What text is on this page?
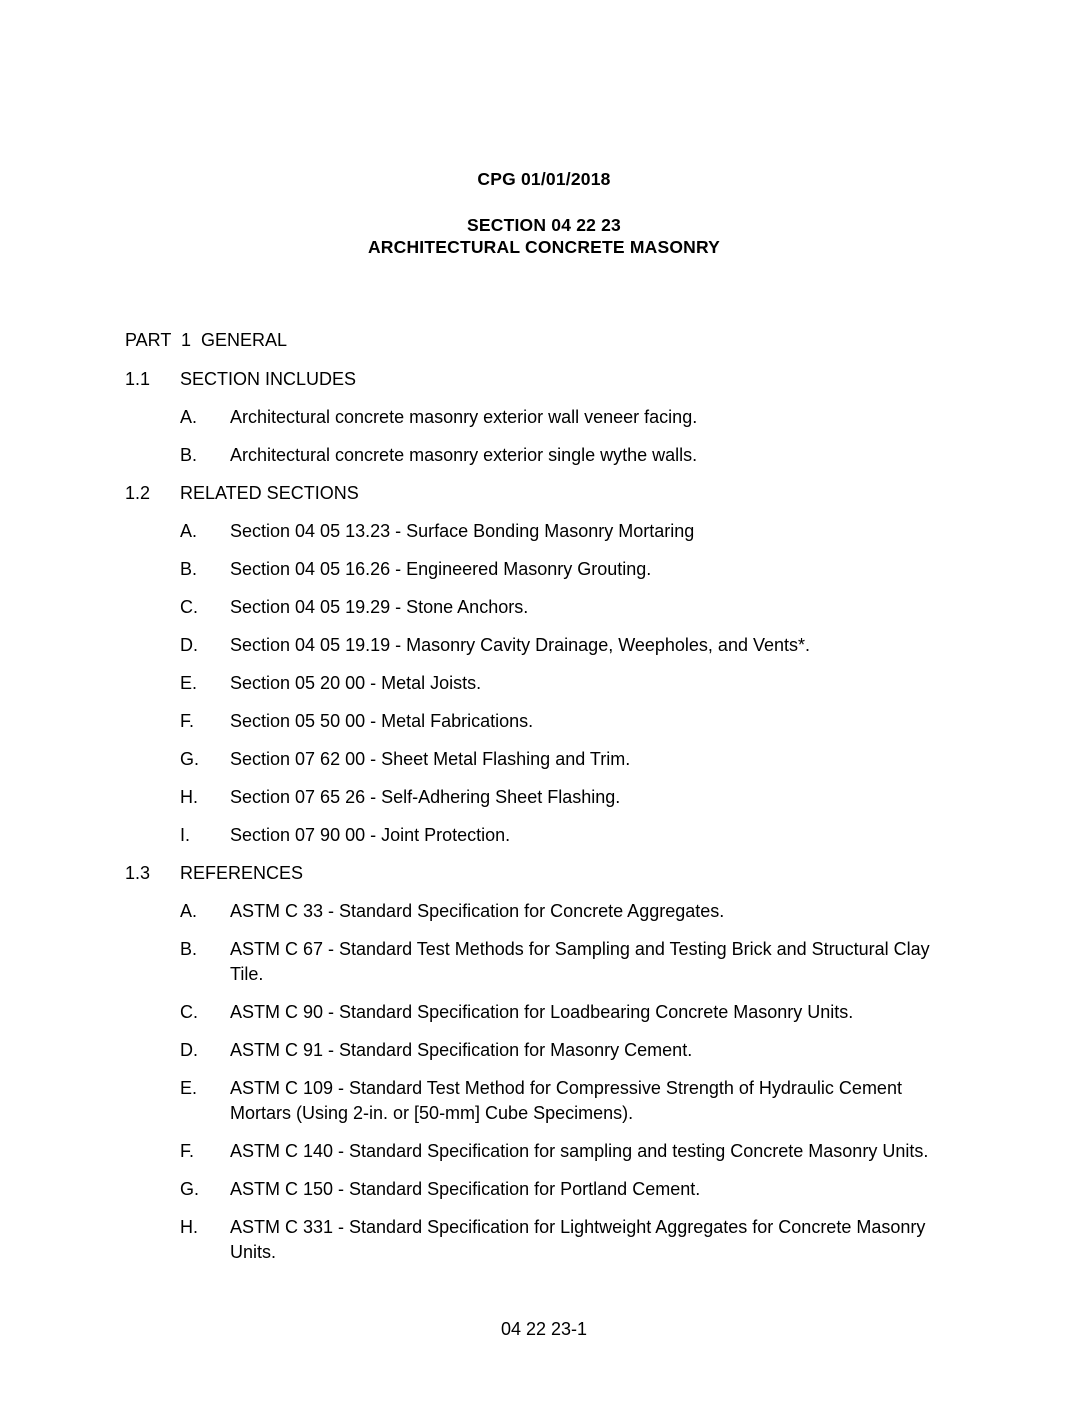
CPG 01/01/2018
SECTION 04 22 23
ARCHITECTURAL CONCRETE MASONRY
PART  1  GENERAL
1.1 SECTION INCLUDES
A.	Architectural concrete masonry exterior wall veneer facing.
B.	Architectural concrete masonry exterior single wythe walls.
1.2 RELATED SECTIONS
A.	Section 04 05 13.23 - Surface Bonding Masonry Mortaring
B.	Section 04 05 16.26 - Engineered Masonry Grouting.
C.	Section 04 05 19.29 - Stone Anchors.
D.	Section 04 05 19.19 - Masonry Cavity Drainage, Weepholes, and Vents*.
E.	Section 05 20 00 - Metal Joists.
F.	Section 05 50 00 - Metal Fabrications.
G.	Section 07 62 00 - Sheet Metal Flashing and Trim.
H.	Section 07 65 26 - Self-Adhering Sheet Flashing.
I.	Section 07 90 00 - Joint Protection.
1.3 REFERENCES
A.	ASTM C 33 - Standard Specification for Concrete Aggregates.
B.	ASTM C 67 - Standard Test Methods for Sampling and Testing Brick and Structural Clay Tile.
C.	ASTM C 90 - Standard Specification for Loadbearing Concrete Masonry Units.
D.	ASTM C 91 - Standard Specification for Masonry Cement.
E.	ASTM C 109 - Standard Test Method for Compressive Strength of Hydraulic Cement Mortars (Using 2-in. or [50-mm] Cube Specimens).
F.	ASTM C 140 - Standard Specification for sampling and testing Concrete Masonry Units.
G.	ASTM C 150 - Standard Specification for Portland Cement.
H.	ASTM C 331 - Standard Specification for Lightweight Aggregates for Concrete Masonry Units.
04 22 23-1
